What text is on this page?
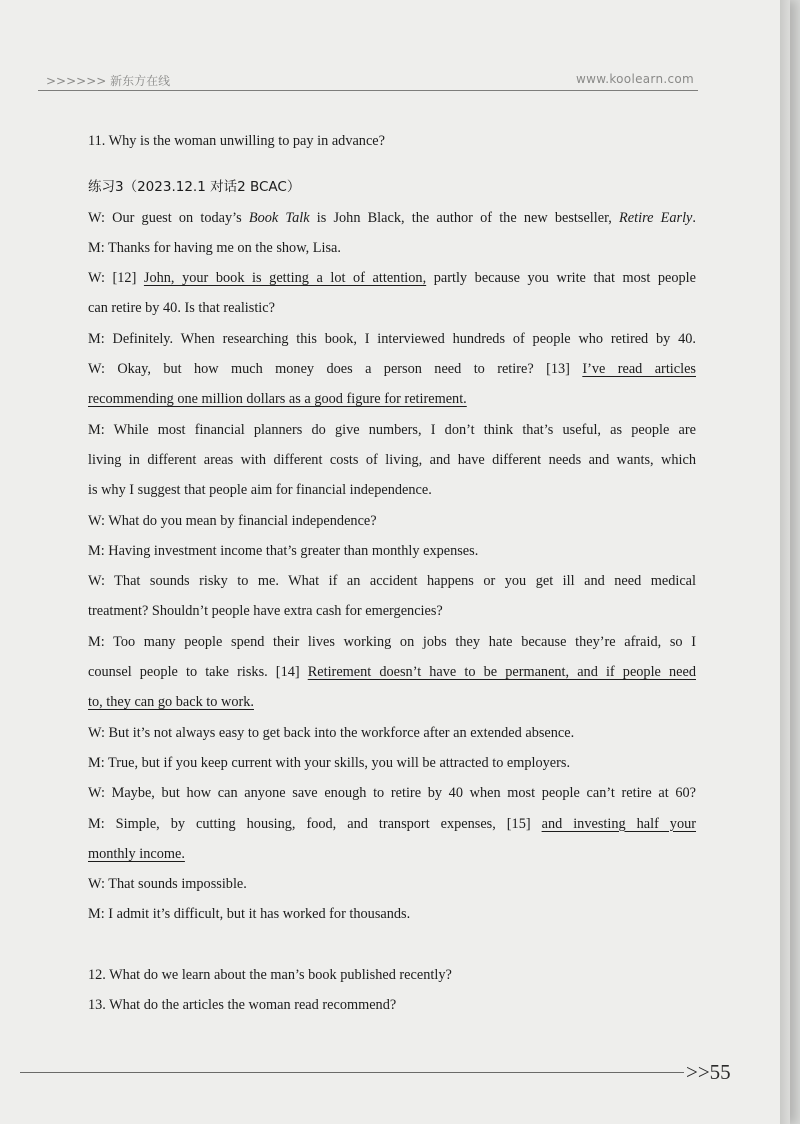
>>>>>> 新东方在线	www.koolearn.com
11. Why is the woman unwilling to pay in advance?
练习3（2023.12.1 对话2 BCAC）
W: Our guest on today’s Book Talk is John Black, the author of the new bestseller, Retire Early.
M: Thanks for having me on the show, Lisa.
W: [12] John, your book is getting a lot of attention, partly because you write that most people
can retire by 40. Is that realistic?
M: Definitely. When researching this book, I interviewed hundreds of people who retired by 40.
W: Okay, but how much money does a person need to retire? [13] I’ve read articles
recommending one million dollars as a good figure for retirement.
M: While most financial planners do give numbers, I don’t think that’s useful, as people are
living in different areas with different costs of living, and have different needs and wants, which
is why I suggest that people aim for financial independence.
W: What do you mean by financial independence?
M: Having investment income that’s greater than monthly expenses.
W: That sounds risky to me. What if an accident happens or you get ill and need medical
treatment? Shouldn’t people have extra cash for emergencies?
M: Too many people spend their lives working on jobs they hate because they’re afraid, so I
counsel people to take risks. [14] Retirement doesn’t have to be permanent, and if people need
to, they can go back to work.
W: But it’s not always easy to get back into the workforce after an extended absence.
M: True, but if you keep current with your skills, you will be attracted to employers.
W: Maybe, but how can anyone save enough to retire by 40 when most people can’t retire at 60?
M: Simple, by cutting housing, food, and transport expenses, [15] and investing half your
monthly income.
W: That sounds impossible.
M: I admit it’s difficult, but it has worked for thousands.
12. What do we learn about the man’s book published recently?
13. What do the articles the woman read recommend?
>>55
